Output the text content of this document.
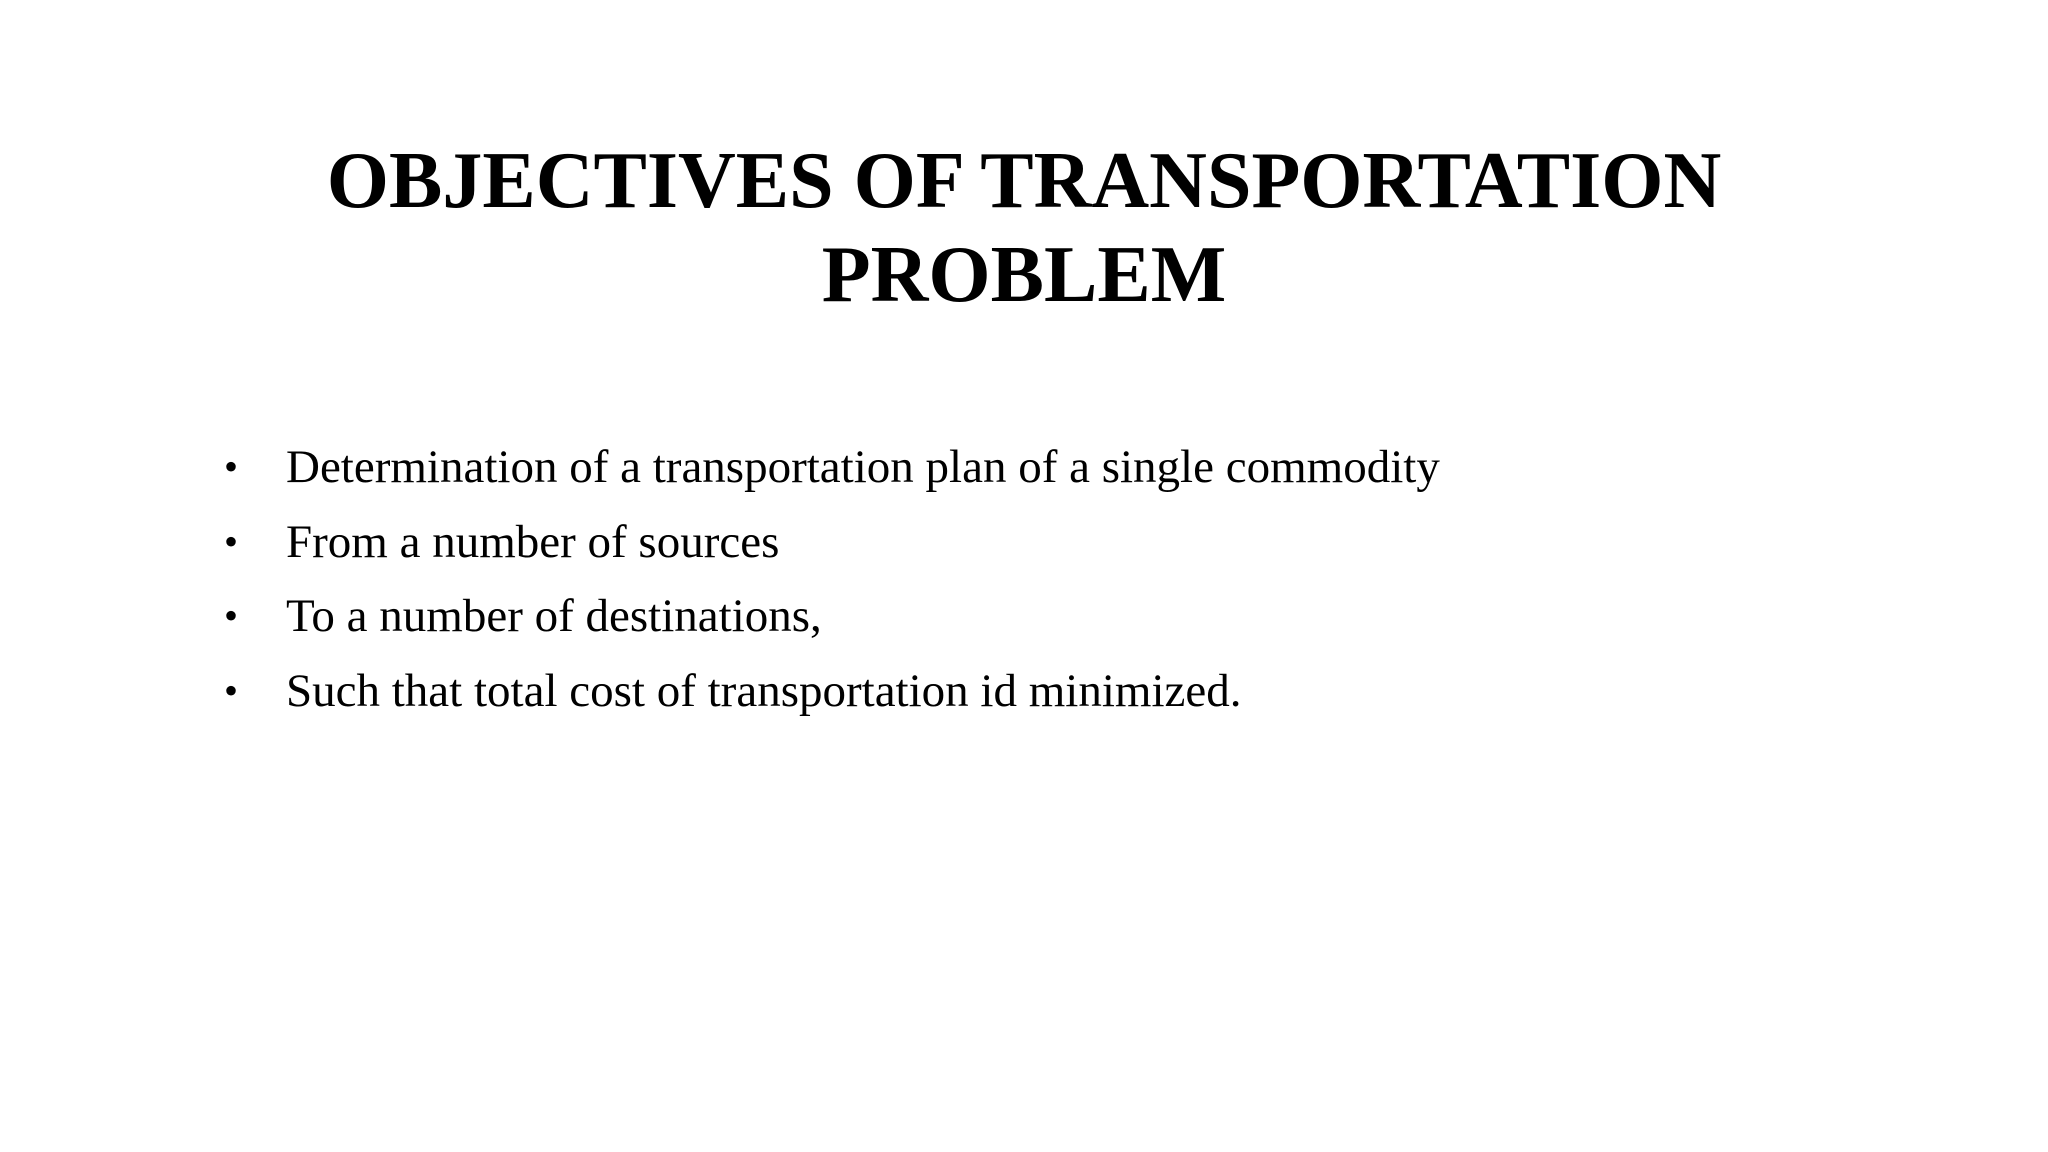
OBJECTIVES OF TRANSPORTATION
PROBLEM
• Determination of a transportation plan of a single commodity
• From a number of sources
• To a number of destinations,
• Such that total cost of transportation id minimized.
